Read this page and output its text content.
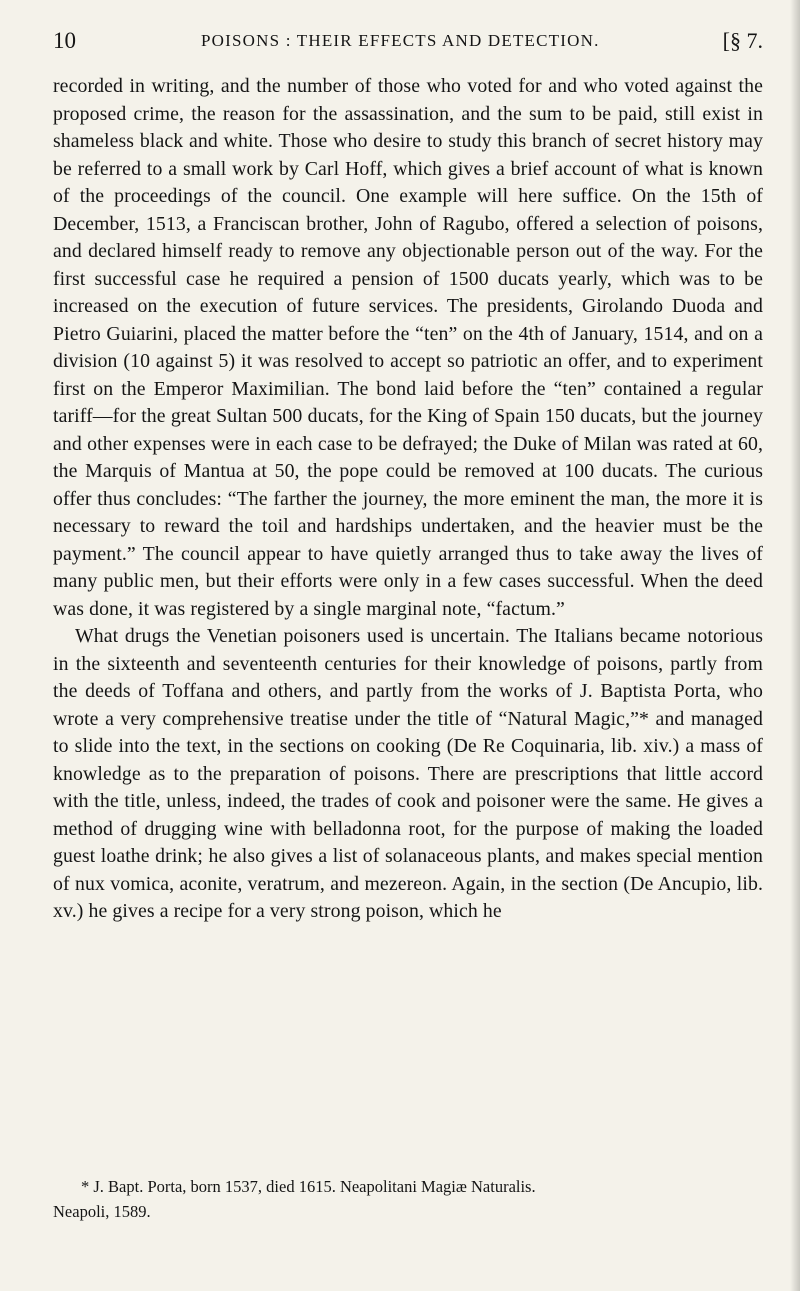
10	POISONS : THEIR EFFECTS AND DETECTION.	[§ 7.

recorded in writing, and the number of those who voted for and who voted against the proposed crime, the reason for the assassination, and the sum to be paid, still exist in shameless black and white. Those who desire to study this branch of secret history may be referred to a small work by Carl Hoff, which gives a brief account of what is known of the proceedings of the council. One example will here suffice. On the 15th of December, 1513, a Franciscan brother, John of Ragubo, offered a selection of poisons, and declared himself ready to remove any objectionable person out of the way. For the first successful case he required a pension of 1500 ducats yearly, which was to be increased on the execution of future services. The presidents, Girolando Duoda and Pietro Guiarini, placed the matter before the “ten” on the 4th of January, 1514, and on a division (10 against 5) it was resolved to accept so patriotic an offer, and to experiment first on the Emperor Maximilian. The bond laid before the “ten” contained a regular tariff—for the great Sultan 500 ducats, for the King of Spain 150 ducats, but the journey and other expenses were in each case to be defrayed; the Duke of Milan was rated at 60, the Marquis of Mantua at 50, the pope could be removed at 100 ducats. The curious offer thus concludes: “The farther the journey, the more eminent the man, the more it is necessary to reward the toil and hardships undertaken, and the heavier must be the payment.” The council appear to have quietly arranged thus to take away the lives of many public men, but their efforts were only in a few cases successful. When the deed was done, it was registered by a single marginal note, “factum.”

What drugs the Venetian poisoners used is uncertain. The Italians became notorious in the sixteenth and seventeenth centuries for their knowledge of poisons, partly from the deeds of Toffana and others, and partly from the works of J. Baptista Porta, who wrote a very comprehensive treatise under the title of “Natural Magic,”* and managed to slide into the text, in the sections on cooking (De Re Coquinaria, lib. xiv.) a mass of knowledge as to the preparation of poisons. There are prescriptions that little accord with the title, unless, indeed, the trades of cook and poisoner were the same. He gives a method of drugging wine with belladonna root, for the purpose of making the loaded guest loathe drink; he also gives a list of solanaceous plants, and makes special mention of nux vomica, aconite, veratrum, and mezereon. Again, in the section (De Ancupio, lib. xv.) he gives a recipe for a very strong poison, which he

* J. Bapt. Porta, born 1537, died 1615. Neapolitani Magiæ Naturalis.
Neapoli, 1589.
